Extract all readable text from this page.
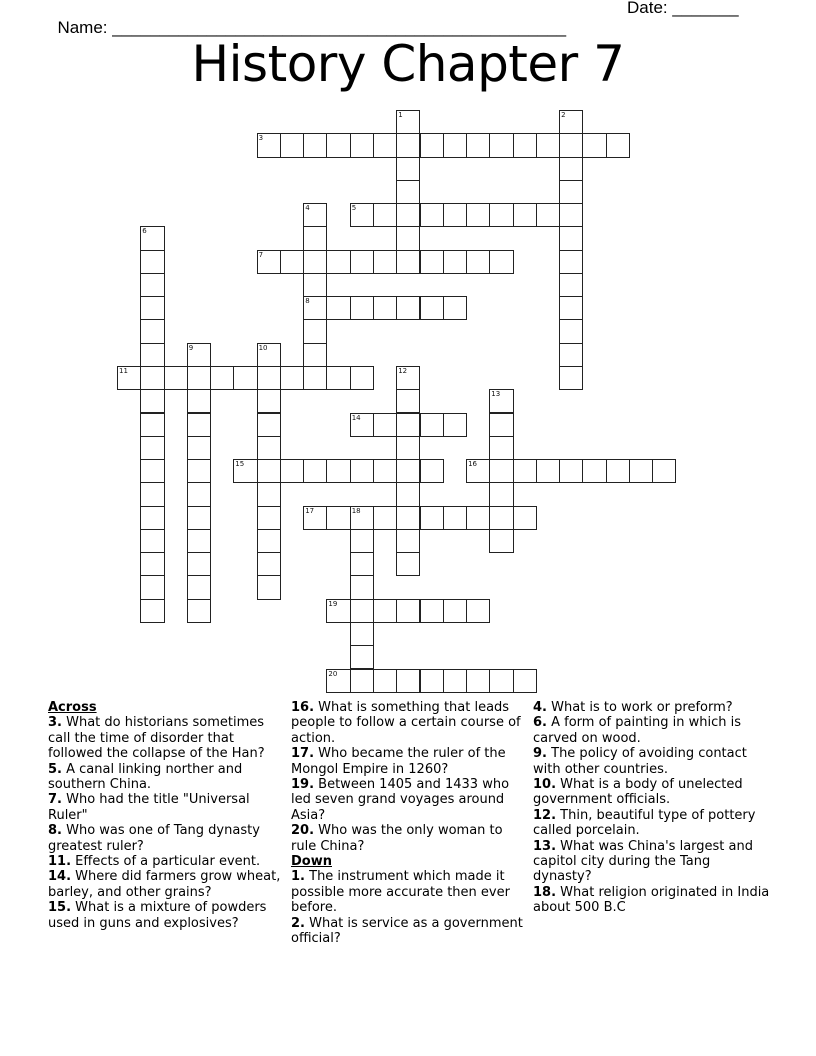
Name: ________________________________________________

Date: _______

History Chapter 7
1	2
3
4
8
5
6
7
9	10
11	12
13
14
15	16
17	18
19
20
Across
3. What do historians sometimes call the time of disorder that followed the collapse of the Han?
5. A canal linking norther and southern China.
7. Who had the title "Universal Ruler"
8. Who was one of Tang dynasty greatest ruler?
11. Effects of a particular event.
14. Where did farmers grow wheat, barley, and other grains?
15. What is a mixture of powders used in guns and explosives?
16. What is something that leads people to follow a certain course of action.
17. Who became the ruler of the Mongol Empire in 1260?
19. Between 1405 and 1433 who led seven grand voyages around Asia?
20. Who was the only woman to rule China?
Down
1. The instrument which made it possible more accurate then ever before.
2. What is service as a government official?
4. What is to work or preform?
6. A form of painting in which is carved on wood.
9. The policy of avoiding contact with other countries.
10. What is a body of unelected government officials.
12. Thin, beautiful type of pottery called porcelain.
13. What was China's largest and capitol city during the Tang dynasty?
18. What religion originated in India about 500 B.C
